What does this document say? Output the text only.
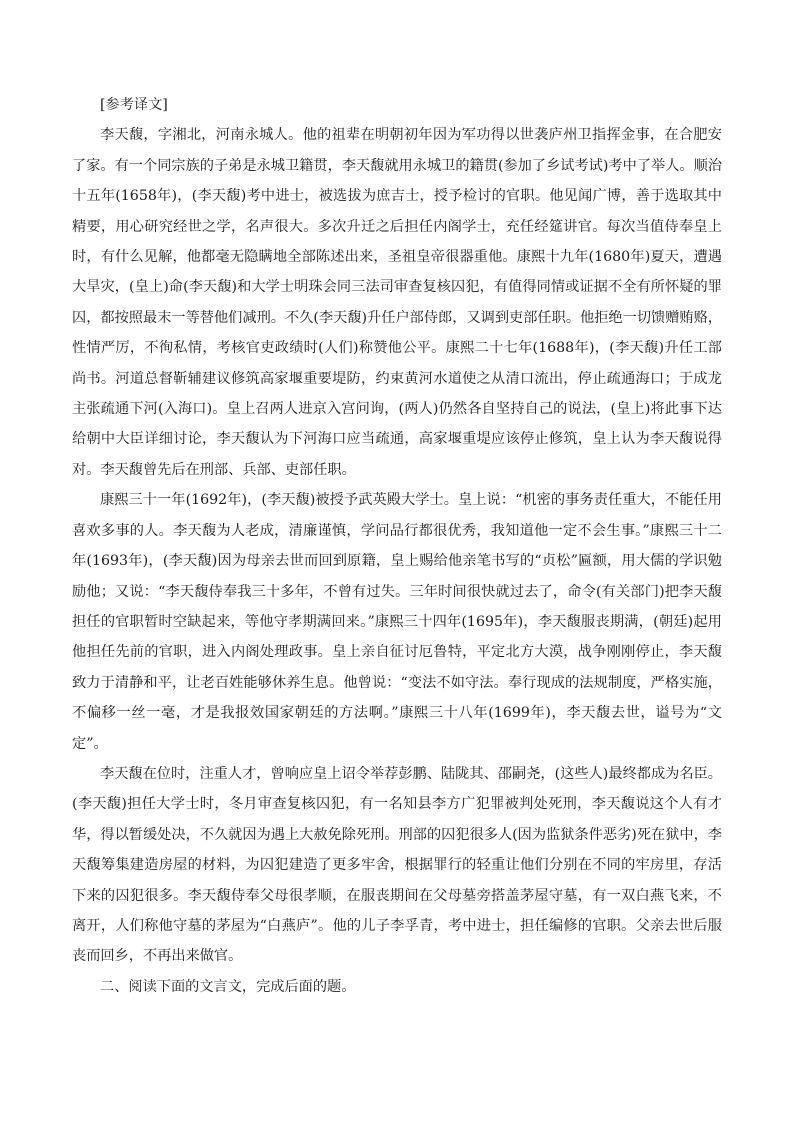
[参考译文]

李天馥，字湘北，河南永城人。他的祖辈在明朝初年因为军功得以世袭庐州卫指挥金事，在合肥安了家。有一个同宗族的子弟是永城卫籍贯，李天馥就用永城卫的籍贯(参加了乡试考试)考中了举人。顺治十五年(1658年)，(李天馥)考中进士，被选拔为庶吉士，授予检讨的官职。他见闻广博，善于选取其中精要，用心研究经世之学，名声很大。多次升迁之后担任内阁学士，充任经筵讲官。每次当值侍奉皇上时，有什么见解，他都毫无隐瞒地全部陈述出来，圣祖皇帝很器重他。康熙十九年(1680年)夏天，遭遇大旱灾，(皇上)命(李天馥)和大学士明珠会同三法司审查复核囚犯，有值得同情或证据不全有所怀疑的罪囚，都按照最末一等替他们减刑。不久(李天馥)升任户部侍郎，又调到吏部任职。他拒绝一切馈赠贿赂，性情严厉，不徇私情，考核官吏政绩时(人们)称赞他公平。康熙二十七年(1688年)，(李天馥)升任工部尚书。河道总督靳辅建议修筑高家堰重要堤防，约束黄河水道使之从清口流出，停止疏通海口；于成龙主张疏通下河(入海口)。皇上召两人进京入宫问询，(两人)仍然各自坚持自己的说法，(皇上)将此事下达给朝中大臣详细讨论，李天馥认为下河海口应当疏通，高家堰重堤应该停止修筑，皇上认为李天馥说得对。李天馥曾先后在刑部、兵部、吏部任职。

康熙三十一年(1692年)，(李天馥)被授予武英殿大学士。皇上说：“机密的事务责任重大，不能任用喜欢多事的人。李天馥为人老成，清廉谨慎，学问品行都很优秀，我知道他一定不会生事。”康熙三十二年(1693年)，(李天馥)因为母亲去世而回到原籍，皇上赐给他亲笔书写的“贞松”匾额，用大儒的学识勉励他；又说：“李天馥侍奉我三十多年，不曾有过失。三年时间很快就过去了，命令(有关部门)把李天馥担任的官职暂时空缺起来，等他守孝期满回来。”康熙三十四年(1695年)，李天馥服丧期满，(朝廷)起用他担任先前的官职，进入内阁处理政事。皇上亲自征讨厄鲁特，平定北方大漠，战争刚刚停止，李天馥致力于清静和平，让老百姓能够休养生息。他曾说：“变法不如守法。奉行现成的法规制度，严格实施，不偏移一丝一毫，才是我报效国家朝廷的方法啊。”康熙三十八年(1699年)，李天馥去世，谥号为“文定”。

李天馥在位时，注重人才，曾响应皇上诏令举荐彭鹏、陆陇其、邵嗣尧，(这些人)最终都成为名臣。(李天馥)担任大学士时，冬月审查复核囚犯，有一名知县李方广犯罪被判处死刑，李天馥说这个人有才华，得以暂缓处决，不久就因为遇上大赦免除死刑。刑部的囚犯很多人(因为监狱条件恶劣)死在狱中，李天馥筹集建造房屋的材料，为囚犯建造了更多牢舍，根据罪行的轻重让他们分别在不同的牢房里，存活下来的囚犯很多。李天馥侍奉父母很孝顺，在服丧期间在父母墓旁搭盖茅屋守墓，有一双白燕飞来，不离开，人们称他守墓的茅屋为“白燕庐”。他的儿子李孚青，考中进士，担任编修的官职。父亲去世后服丧而回乡，不再出来做官。

二、阅读下面的文言文，完成后面的题。
